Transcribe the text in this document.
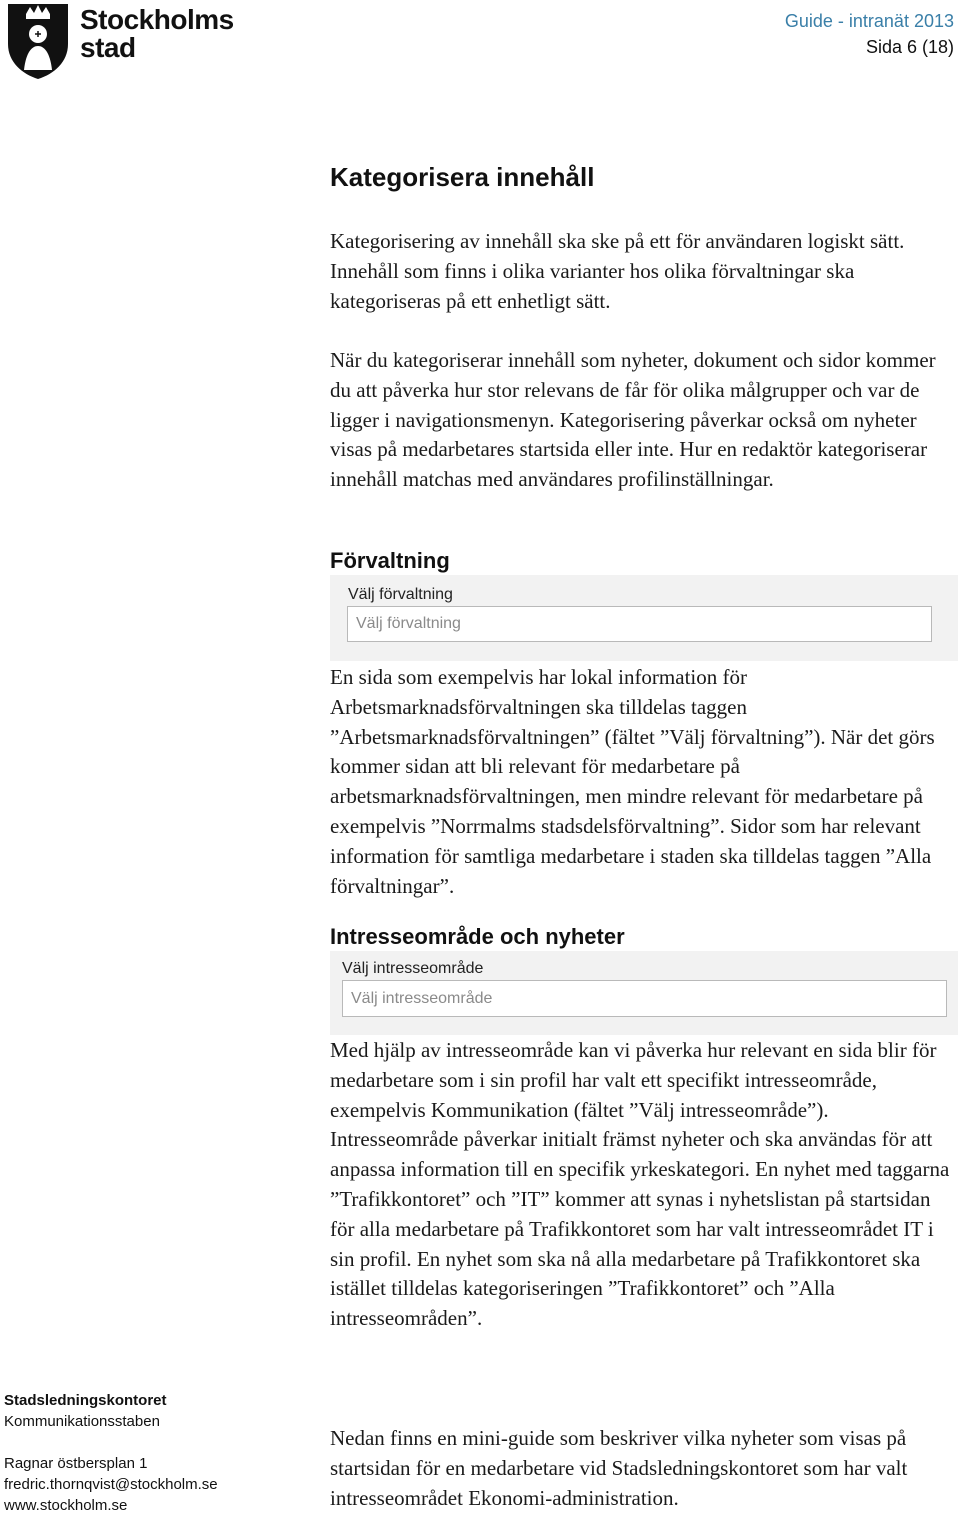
Stockholms
stad
Guide - intranät 2013
Sida 6 (18)
Kategorisera innehåll

Kategorisering av innehåll ska ske på ett för användaren logiskt sätt. Innehåll som finns i olika varianter hos olika förvaltningar ska kategoriseras på ett enhetligt sätt.

När du kategoriserar innehåll som nyheter, dokument och sidor kommer du att påverka hur stor relevans de får för olika målgrupper och var de ligger i navigationsmenyn. Kategorisering påverkar också om nyheter visas på medarbetares startsida eller inte. Hur en redaktör kategoriserar innehåll matchas med användares profilinställningar.

Förvaltning
Välj förvaltning
Välj förvaltning

En sida som exempelvis har lokal information för Arbetsmarknadsförvaltningen ska tilldelas taggen ”Arbetsmarknadsförvaltningen” (fältet ”Välj förvaltning”). När det görs kommer sidan att bli relevant för medarbetare på arbetsmarknadsförvaltningen, men mindre relevant för medarbetare på exempelvis ”Norrmalms stadsdelsförvaltning”. Sidor som har relevant information för samtliga medarbetare i staden ska tilldelas taggen ”Alla förvaltningar”.

Intresseområde och nyheter
Välj intresseområde
Välj intresseområde

Med hjälp av intresseområde kan vi påverka hur relevant en sida blir för medarbetare som i sin profil har valt ett specifikt intresseområde, exempelvis Kommunikation (fältet ”Välj intresseområde”). Intresseområde påverkar initialt främst nyheter och ska användas för att anpassa information till en specifik yrkeskategori. En nyhet med taggarna ”Trafikkontoret” och ”IT” kommer att synas i nyhetslistan på startsidan för alla medarbetare på Trafikkontoret som har valt intresseområdet IT i sin profil. En nyhet som ska nå alla medarbetare på Trafikkontoret ska istället tilldelas kategoriseringen ”Trafikkontoret” och ”Alla intresseområden”.

Nedan finns en mini-guide som beskriver vilka nyheter som visas på startsidan för en medarbetare vid Stadsledningskontoret som har valt intresseområdet Ekonomi-administration.

Stadsledningskontoret
Kommunikationsstaben
Ragnar östbersplan 1
fredric.thornqvist@stockholm.se
www.stockholm.se
